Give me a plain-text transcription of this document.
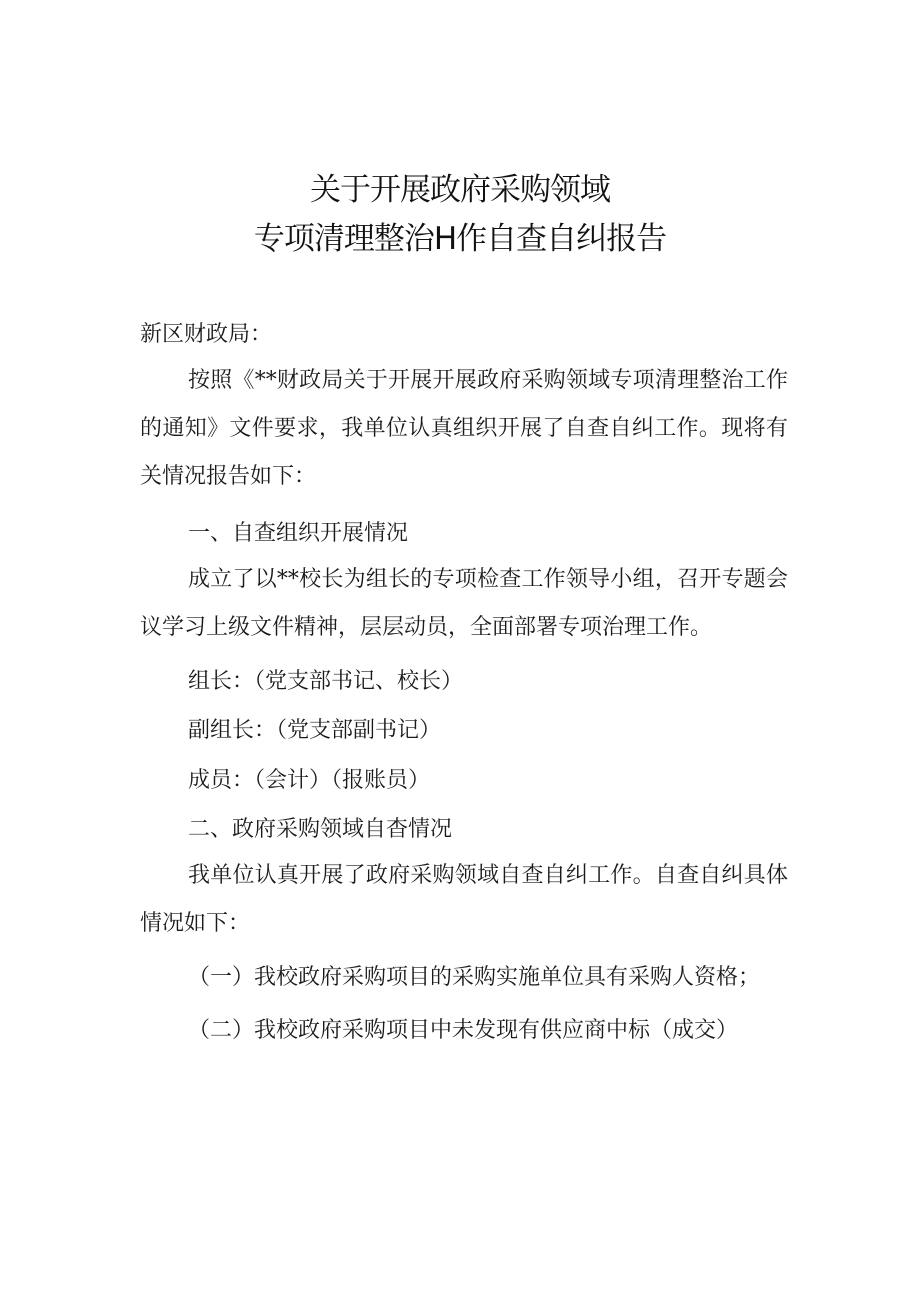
关于开展政府采购领域
专项清理整治H作自查自纠报告
新区财政局：
按照《**财政局关于开展开展政府采购领域专项清理整治工作的通知》文件要求，我单位认真组织开展了自查自纠工作。现将有关情况报告如下：
一、自查组织开展情况
成立了以**校长为组长的专项检查工作领导小组，召开专题会议学习上级文件精神，层层动员，全面部署专项治理工作。
组长：（党支部书记、校长）
副组长：（党支部副书记）
成员：（会计）（报账员）
二、政府采购领域自杳情况
我单位认真开展了政府采购领域自查自纠工作。自查自纠具体情况如下：
（一）我校政府采购项目的采购实施单位具有采购人资格；
（二）我校政府采购项目中未发现有供应商中标（成交）
